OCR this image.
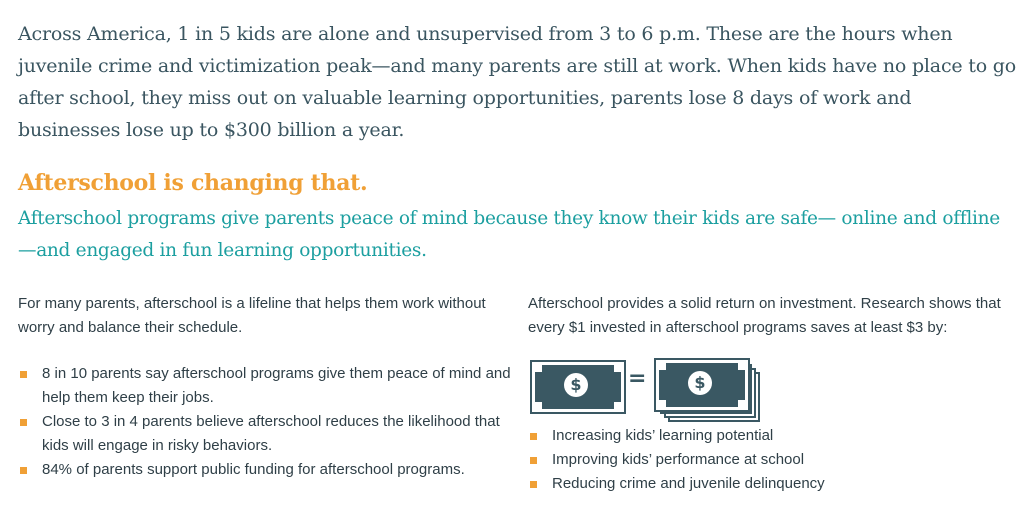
Across America, 1 in 5 kids are alone and unsupervised from 3 to 6 p.m. These are the hours when juvenile crime and victimization peak—and many parents are still at work. When kids have no place to go after school, they miss out on valuable learning opportunities, parents lose 8 days of work and businesses lose up to $300 billion a year.

Afterschool is changing that.

Afterschool programs give parents peace of mind because they know their kids are safe— online and offline—and engaged in fun learning opportunities.

For many parents, afterschool is a lifeline that helps them work without worry and balance their schedule.

8 in 10 parents say afterschool programs give them peace of mind and help them keep their jobs.
Close to 3 in 4 parents believe afterschool reduces the likelihood that kids will engage in risky behaviors.
84% of parents support public funding for afterschool programs.

Afterschool provides a solid return on investment. Research shows that every $1 invested in afterschool programs saves at least $3 by:

$ =	$
Increasing kids’ learning potential
Improving kids’ performance at school
Reducing crime and juvenile delinquency
